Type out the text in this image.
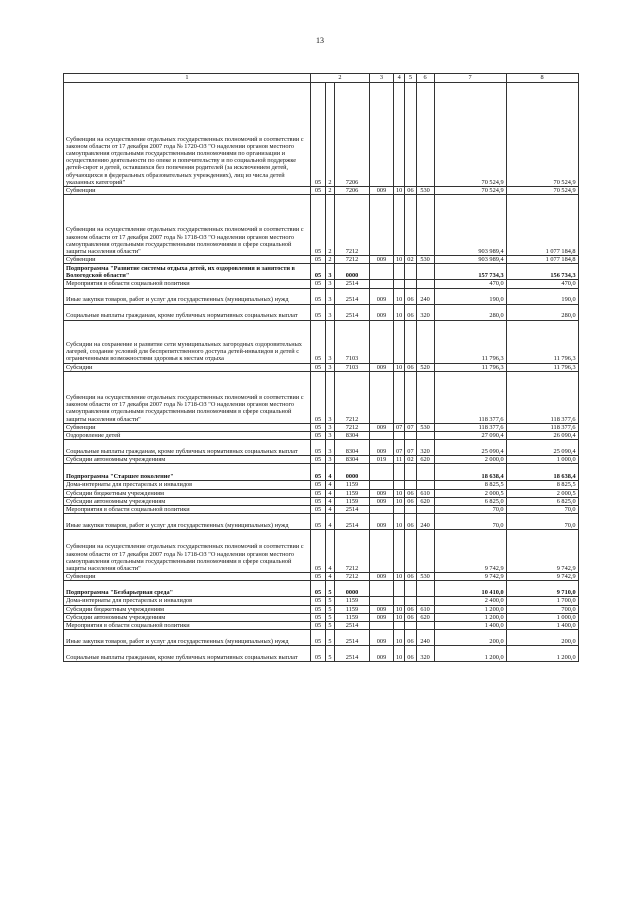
13
1	2			3	4	5	6	7	8
Субвенции на осуществление отдельных государственных полномочий в соответствии с законом области от 17 декабря 2007 года № 1720-ОЗ "О наделении органов местного самоуправления отдельными государственными полномочиями по организации и осуществлению деятельности по опеке и попечительству и по социальной поддержке детей-сирот и детей, оставшихся без попечения родителей (за исключением детей, обучающихся в федеральных образовательных учреждениях), лиц из числа детей указанных категорий"	05	2	7206					70 524,9	70 524,9
Субвенции	05	2	7206	009	10	06	530	70 524,9	70 524,9
Субвенции на осуществление отдельных государственных полномочий в соответствии с законом области от 17 декабря 2007 года № 1718-ОЗ "О наделении органов местного самоуправления отдельными государственными полномочиями в сфере социальной защиты населения области"	05	2	7212					903 989,4	1 077 184,8
Субвенции	05	2	7212	009	10	02	530	903 989,4	1 077 184,8
Подпрограмма "Развитие системы отдыха детей, их оздоровления и занятости в Вологодской области"	05	3	0000					157 734,3	156 734,3
Мероприятия в области социальной политики	05	3	2514					470,0	470,0
Иные закупки товаров, работ и услуг для государственных (муниципальных) нужд	05	3	2514	009	10	06	240	190,0	190,0
Социальные выплаты гражданам, кроме публичных нормативных социальных выплат	05	3	2514	009	10	06	320	280,0	280,0
Субсидии на сохранение и развитие сети муниципальных загородных оздоровительных лагерей, создание условий для беспрепятственного доступа детей-инвалидов и детей с ограниченными возможностями здоровья к местам отдыха	05	3	7103					11 796,3	11 796,3
Субсидии	05	3	7103	009	10	06	520	11 796,3	11 796,3
Субвенции на осуществление отдельных государственных полномочий в соответствии с законом области от 17 декабря 2007 года № 1718-ОЗ "О наделении органов местного самоуправления отдельными государственными полномочиями в сфере социальной защиты населения области"	05	3	7212					118 377,6	118 377,6
Субвенции	05	3	7212	009	07	07	530	118 377,6	118 377,6
Оздоровление детей	05	3	8304					27 090,4	26 090,4
Социальные выплаты гражданам, кроме публичных нормативных социальных выплат	05	3	8304	009	07	07	320	25 090,4	25 090,4
Субсидии автономным учреждениям	05	3	8304	019	11	02	620	2 000,0	1 000,0
Подпрограмма "Старшее поколение"	05	4	0000					18 638,4	18 638,4
Дома-интернаты для престарелых и инвалидов	05	4	1159					8 825,5	8 825,5
Субсидии бюджетным учреждениям	05	4	1159	009	10	06	610	2 000,5	2 000,5
Субсидии автономным учреждениям	05	4	1159	009	10	06	620	6 825,0	6 825,0
Мероприятия в области социальной политики	05	4	2514					70,0	70,0
Иные закупки товаров, работ и услуг для государственных (муниципальных) нужд	05	4	2514	009	10	06	240	70,0	70,0
Субвенции на осуществление отдельных государственных полномочий в соответствии с законом области от 17 декабря 2007 года № 1718-ОЗ "О наделении органов местного самоуправления отдельными государственными полномочиями в сфере социальной защиты населения области"	05	4	7212					9 742,9	9 742,9
Субвенции	05	4	7212	009	10	06	530	9 742,9	9 742,9
Подпрограмма "Безбарьерная среда"	05	5	0000					10 410,0	9 710,0
Дома-интернаты для престарелых и инвалидов	05	5	1159					2 400,0	1 700,0
Субсидии бюджетным учреждениям	05	5	1159	009	10	06	610	1 200,0	700,0
Субсидии автономным учреждениям	05	5	1159	009	10	06	620	1 200,0	1 000,0
Мероприятия в области социальной политики	05	5	2514					1 400,0	1 400,0
Иные закупки товаров, работ и услуг для государственных (муниципальных) нужд	05	5	2514	009	10	06	240	200,0	200,0
Социальные выплаты гражданам, кроме публичных нормативных социальных выплат	05	5	2514	009	10	06	320	1 200,0	1 200,0
